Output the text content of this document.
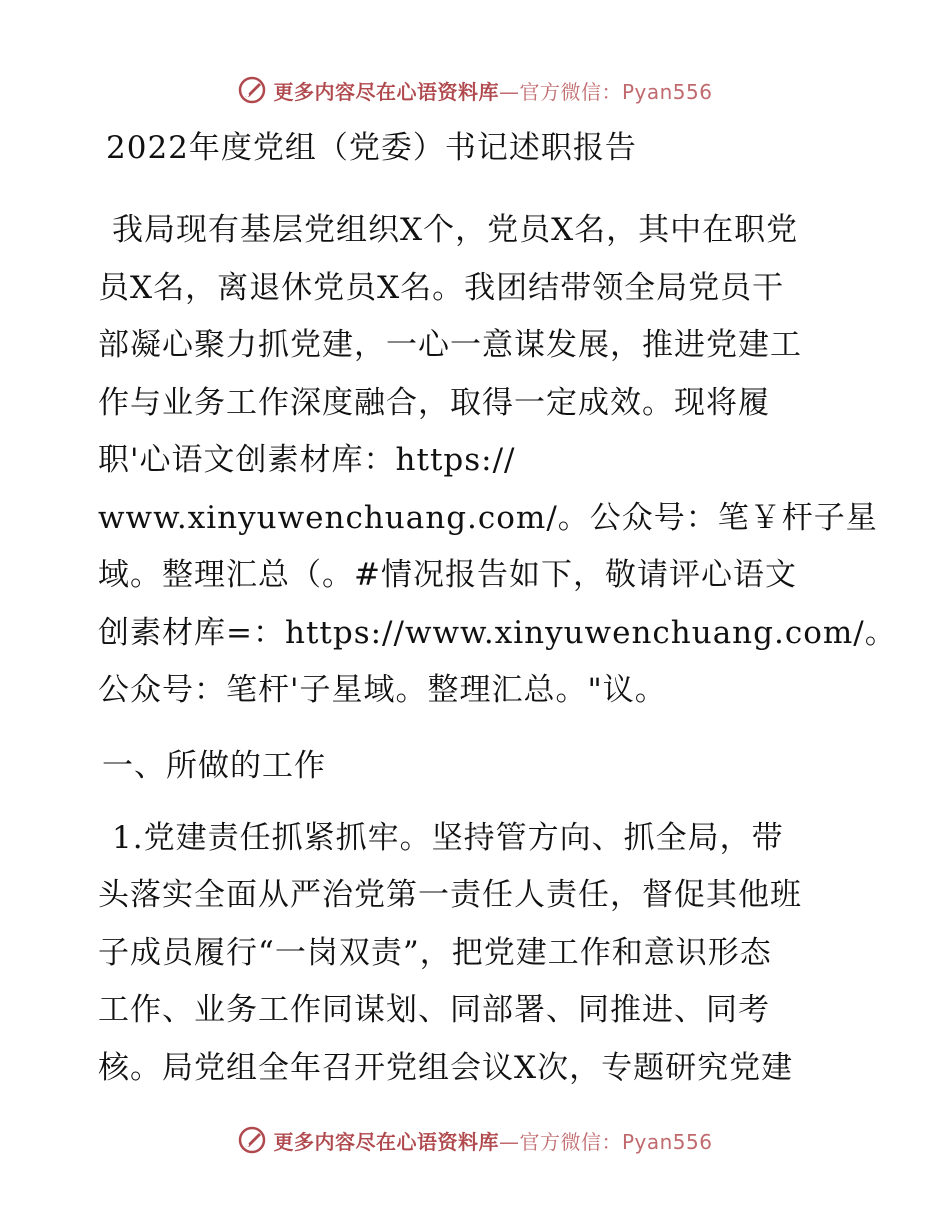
更多内容尽在心语资料库—官方微信：Pyan556
2022年度党组（党委）书记述职报告

我局现有基层党组织X个，党员X名，其中在职党
员X名，离退休党员X名。我团结带领全局党员干
部凝心聚力抓党建，一心一意谋发展，推进党建工
作与业务工作深度融合，取得一定成效。现将履
职'心语文创素材库：https://
www.xinyuwenchuang.com/。公众号：笔￥杆子星
域。整理汇总（。#情况报告如下，敬请评心语文
创素材库=：https://www.xinyuwenchuang.com/。
公众号：笔杆'子星域。整理汇总。"议。

一、所做的工作

1.党建责任抓紧抓牢。坚持管方向、抓全局，带
头落实全面从严治党第一责任人责任，督促其他班
子成员履行“一岗双责”，把党建工作和意识形态
工作、业务工作同谋划、同部署、同推进、同考
核。局党组全年召开党组会议X次，专题研究党建

更多内容尽在心语资料库—官方微信：Pyan556
